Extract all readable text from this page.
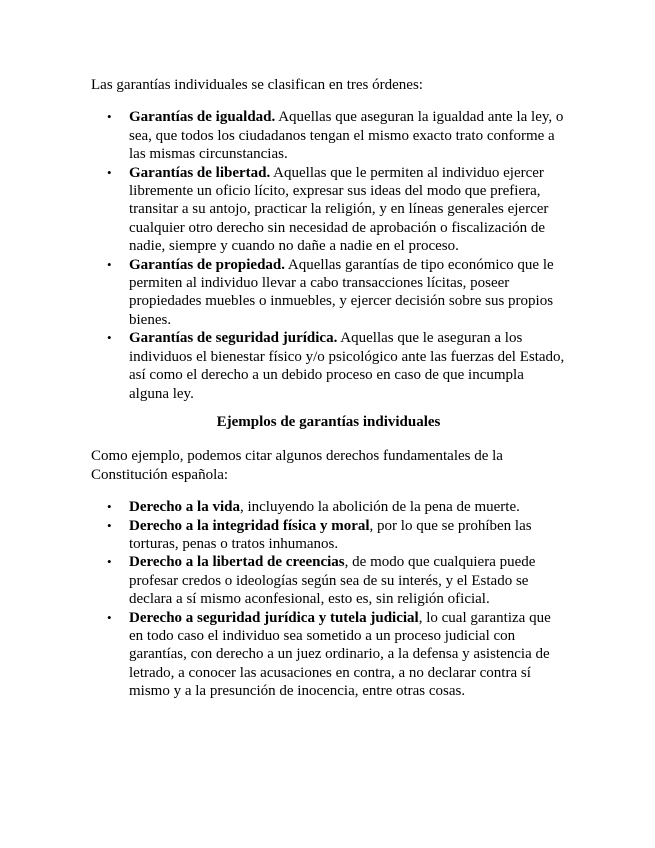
Las garantías individuales se clasifican en tres órdenes:

• Garantías de igualdad. Aquellas que aseguran la igualdad ante la ley, o sea, que todos los ciudadanos tengan el mismo exacto trato conforme a las mismas circunstancias.
• Garantías de libertad. Aquellas que le permiten al individuo ejercer libremente un oficio lícito, expresar sus ideas del modo que prefiera, transitar a su antojo, practicar la religión, y en líneas generales ejercer cualquier otro derecho sin necesidad de aprobación o fiscalización de nadie, siempre y cuando no dañe a nadie en el proceso.
• Garantías de propiedad. Aquellas garantías de tipo económico que le permiten al individuo llevar a cabo transacciones lícitas, poseer propiedades muebles o inmuebles, y ejercer decisión sobre sus propios bienes.
• Garantías de seguridad jurídica. Aquellas que le aseguran a los individuos el bienestar físico y/o psicológico ante las fuerzas del Estado, así como el derecho a un debido proceso en caso de que incumpla alguna ley.

Ejemplos de garantías individuales

Como ejemplo, podemos citar algunos derechos fundamentales de la Constitución española:

• Derecho a la vida, incluyendo la abolición de la pena de muerte.
• Derecho a la integridad física y moral, por lo que se prohíben las torturas, penas o tratos inhumanos.
• Derecho a la libertad de creencias, de modo que cualquiera puede profesar credos o ideologías según sea de su interés, y el Estado se declara a sí mismo aconfesional, esto es, sin religión oficial.
• Derecho a seguridad jurídica y tutela judicial, lo cual garantiza que en todo caso el individuo sea sometido a un proceso judicial con garantías, con derecho a un juez ordinario, a la defensa y asistencia de letrado, a conocer las acusaciones en contra, a no declarar contra sí mismo y a la presunción de inocencia, entre otras cosas.
